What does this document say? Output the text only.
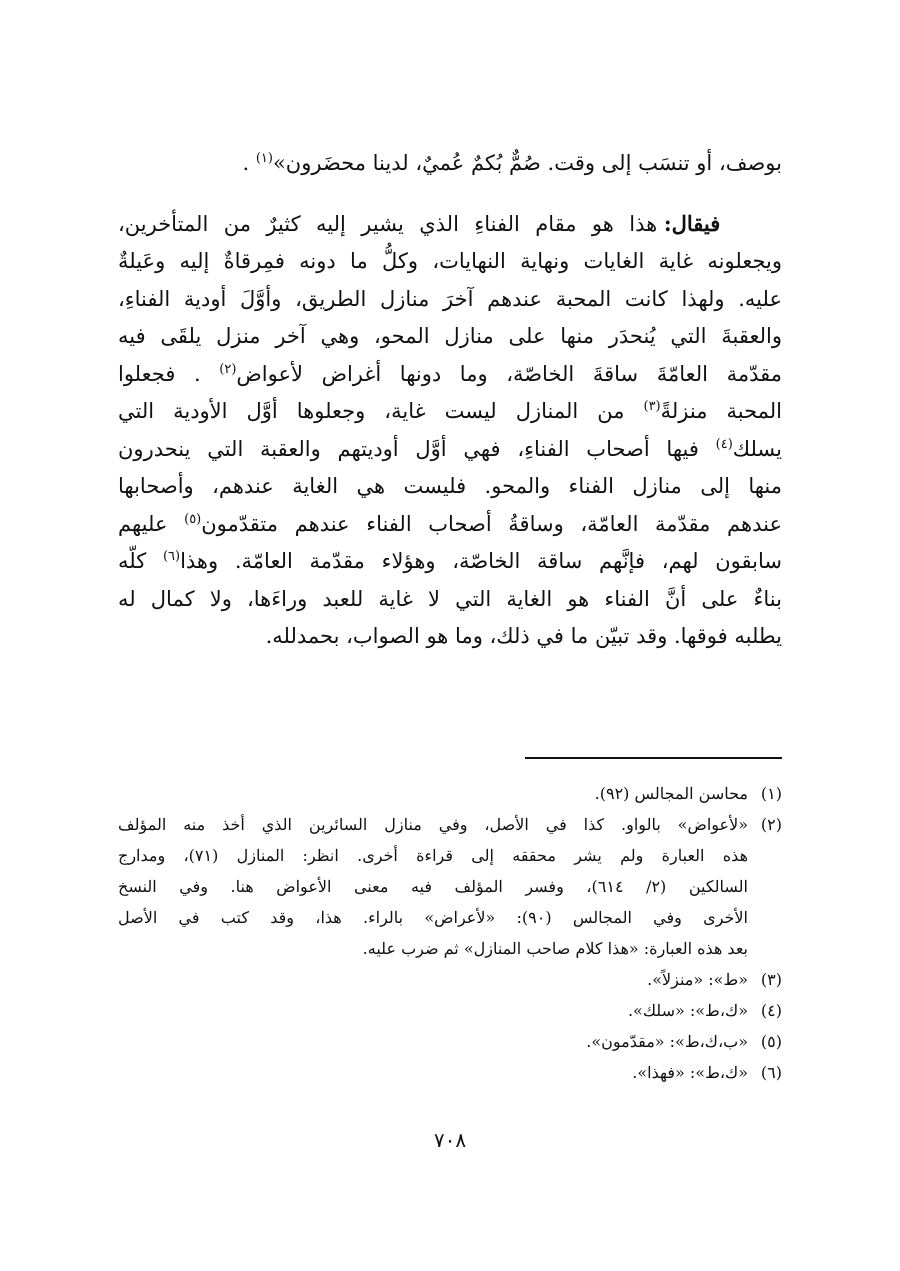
بوصف، أو تنسَب إلى وقت. صُمٌّ بُكمٌ عُميٌ، لدينا محضَرون»$^{(١)}$ .

فيقال: هذا هو مقام الفناءِ الذي يشير إليه كثيرٌ من المتأخرين،
ويجعلونه غاية الغايات ونهاية النهايات، وكلُّ ما دونه فمِرقاةٌ إليه وعَيلةٌ
عليه. ولهذا كانت المحبة عندهم آخرَ منازل الطريق، وأوَّلَ أودية الفناءِ،
والعقبةَ التي يُنحدَر منها على منازل المحو، وهي آخر منزل يلقَى فيه
مقدّمة العامّةَ ساقةَ الخاصّة، وما دونها أغراض لأعواض$^{(٢)}$ . فجعلوا
المحبة منزلةً$^{(٣)}$ من المنازل ليست غاية، وجعلوها أوَّل الأودية التي
يسلك$^{(٤)}$ فيها أصحاب الفناءِ، فهي أوَّل أوديتهم والعقبة التي ينحدرون
منها إلى منازل الفناء والمحو. فليست هي الغاية عندهم، وأصحابها
عندهم مقدّمة العامّة، وساقةُ أصحاب الفناء عندهم متقدّمون$^{(٥)}$ عليهم
سابقون لهم، فإنَّهم ساقة الخاصّة، وهؤلاء مقدّمة العامّة. وهذا$^{(٦)}$ كلّه
بناءٌ على أنَّ الفناء هو الغاية التي لا غاية للعبد وراءَها، ولا كمال له
يطلبه فوقها. وقد تبيّن ما في ذلك، وما هو الصواب، بحمدلله.

(١)
محاسن المجالس (٩٢).
(٢)
«لأعواض» بالواو. كذا في الأصل، وفي منازل السائرين الذي أخذ منه المؤلف
هذه العبارة ولم يشر محققه إلى قراءة أخرى. انظر: المنازل (٧١)، ومدارج
السالكين (٢/ ٦١٤)، وفسر المؤلف فيه معنى الأعواض هنا. وفي النسخ
الأخرى وفي المجالس (٩٠): «لأعراض» بالراء. هذا، وقد كتب في الأصل
بعد هذه العبارة: «هذا كلام صاحب المنازل» ثم ضرب عليه.
(٣)
«ط»: «منزلاً».
(٤)
«ك،ط»: «سلك».
(٥)
«ب،ك،ط»: «مقدّمون».
(٦)
«ك،ط»: «فهذا».
٧٠٨
